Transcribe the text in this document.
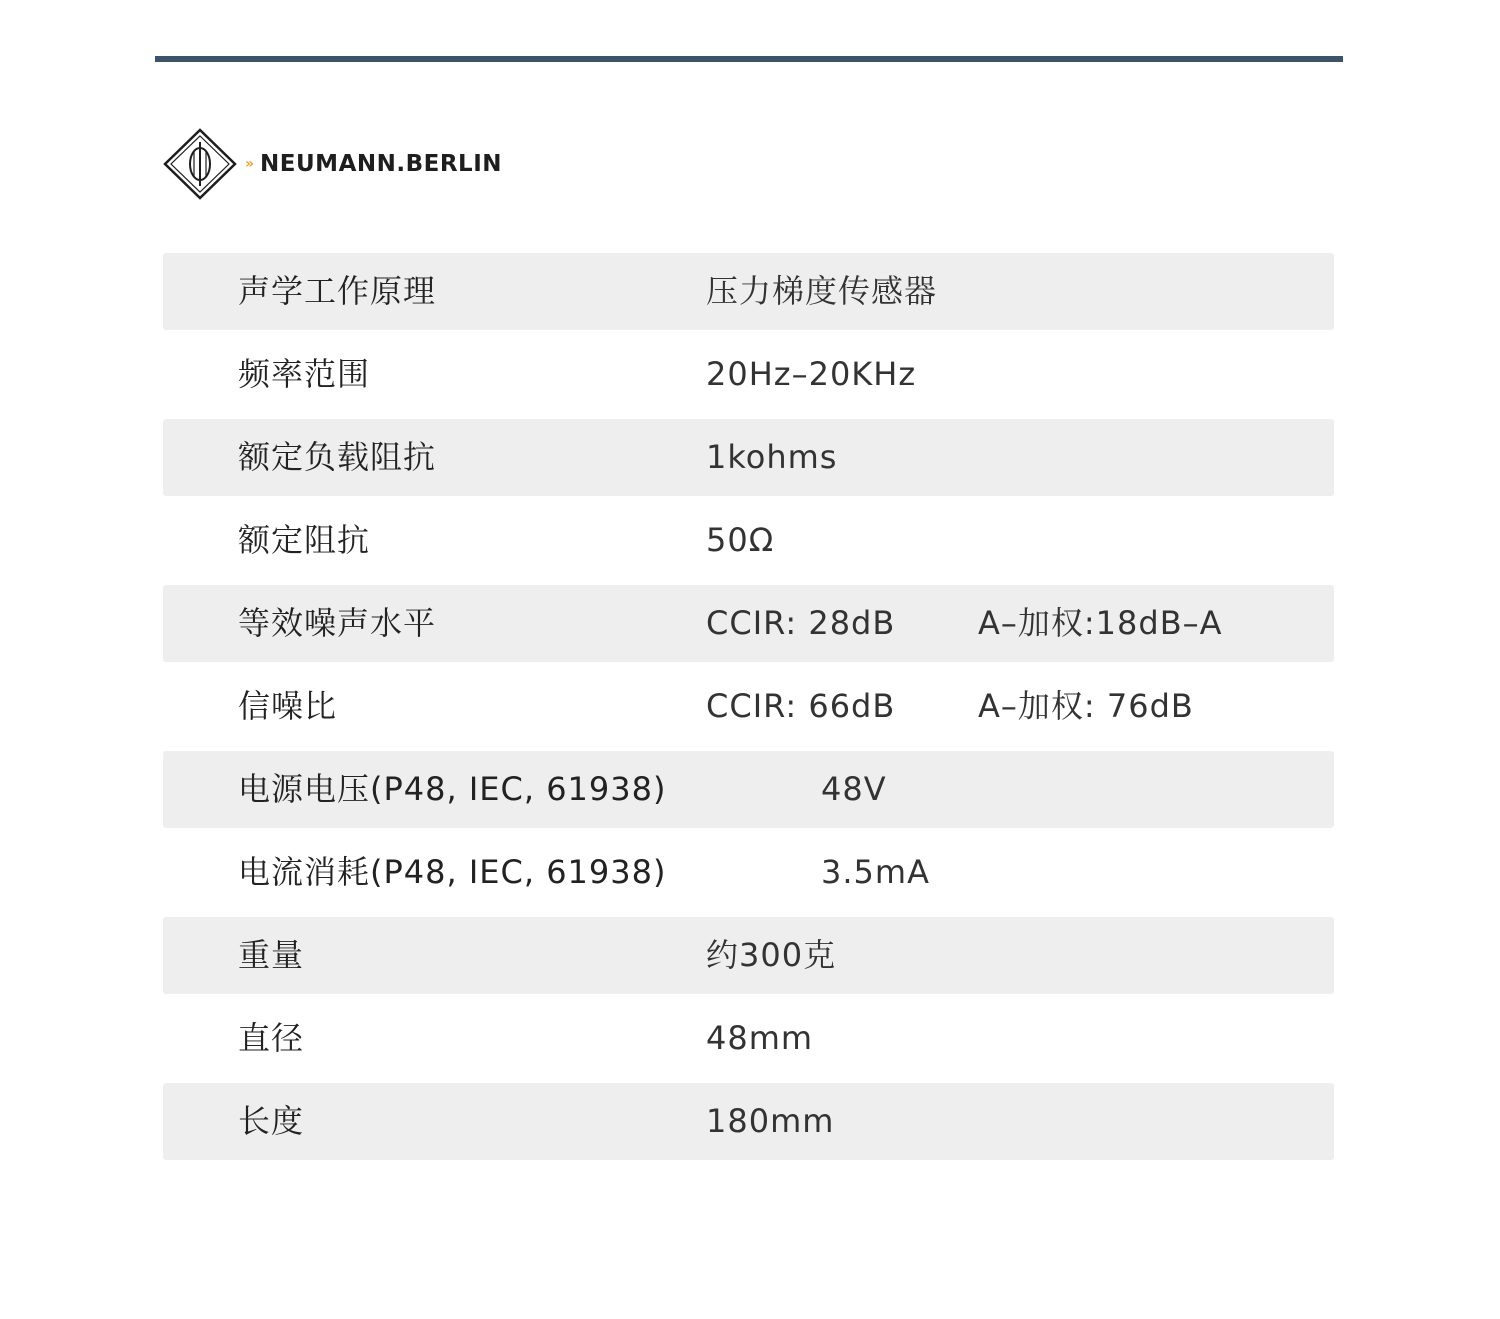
» NEUMANN.BERLIN
声学工作原理	压力梯度传感器
频率范围	20Hz–20KHz
额定负载阻抗	1kohms
额定阻抗	50Ω
等效噪声水平	CCIR: 28dB	A–加权:18dB–A
信噪比	CCIR: 66dB	A–加权: 76dB
电源电压(P48, IEC, 61938)	48V
电流消耗(P48, IEC, 61938)	3.5mA
重量	约300克
直径	48mm
长度	180mm
